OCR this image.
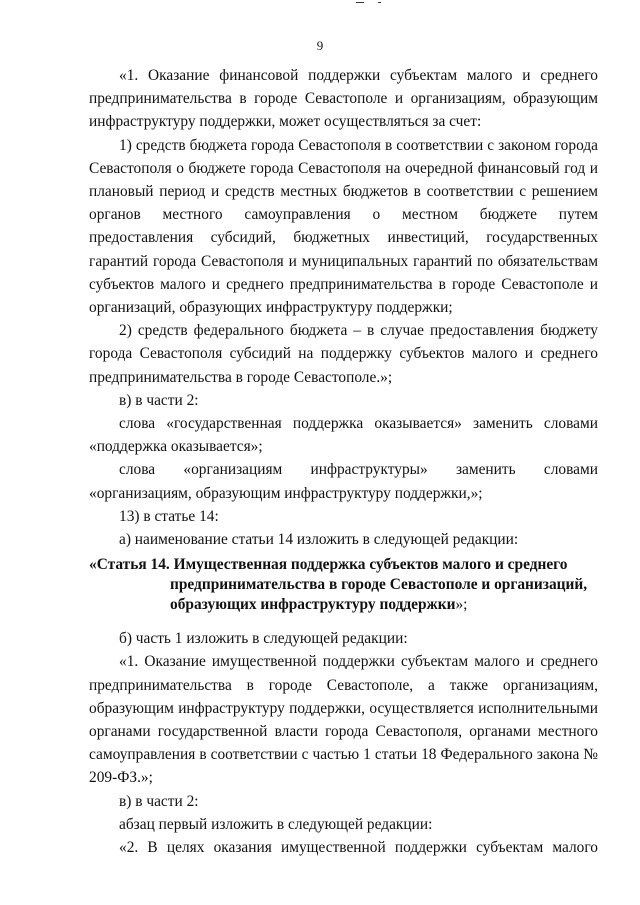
9

«1. Оказание финансовой поддержки субъектам малого и среднего предпринимательства в городе Севастополе и организациям, образующим инфраструктуру поддержки, может осуществляться за счет:

1) средств бюджета города Севастополя в соответствии с законом города Севастополя о бюджете города Севастополя на очередной финансовый год и плановый период и средств местных бюджетов в соответствии с решением органов местного самоуправления о местном бюджете путем предоставления субсидий, бюджетных инвестиций, государственных гарантий города Севастополя и муниципальных гарантий по обязательствам субъектов малого и среднего предпринимательства в городе Севастополе и организаций, образующих инфраструктуру поддержки;

2) средств федерального бюджета – в случае предоставления бюджету города Севастополя субсидий на поддержку субъектов малого и среднего предпринимательства в городе Севастополе.»;

в) в части 2:

слова «государственная поддержка оказывается» заменить словами «поддержка оказывается»;

слова «организациям инфраструктуры» заменить словами «организациям, образующим инфраструктуру поддержки,»;

13) в статье 14:

а) наименование статьи 14 изложить в следующей редакции:

«Статья 14. Имущественная поддержка субъектов малого и среднего
предпринимательства в городе Севастополе и организаций,
образующих инфраструктуру поддержки»;

б) часть 1 изложить в следующей редакции:

«1. Оказание имущественной поддержки субъектам малого и среднего предпринимательства в городе Севастополе, а также организациям, образующим инфраструктуру поддержки, осуществляется исполнительными органами государственной власти города Севастополя, органами местного самоуправления в соответствии с частью 1 статьи 18 Федерального закона № 209-ФЗ.»;

в) в части 2:

абзац первый изложить в следующей редакции:

«2. В целях оказания имущественной поддержки субъектам малого
